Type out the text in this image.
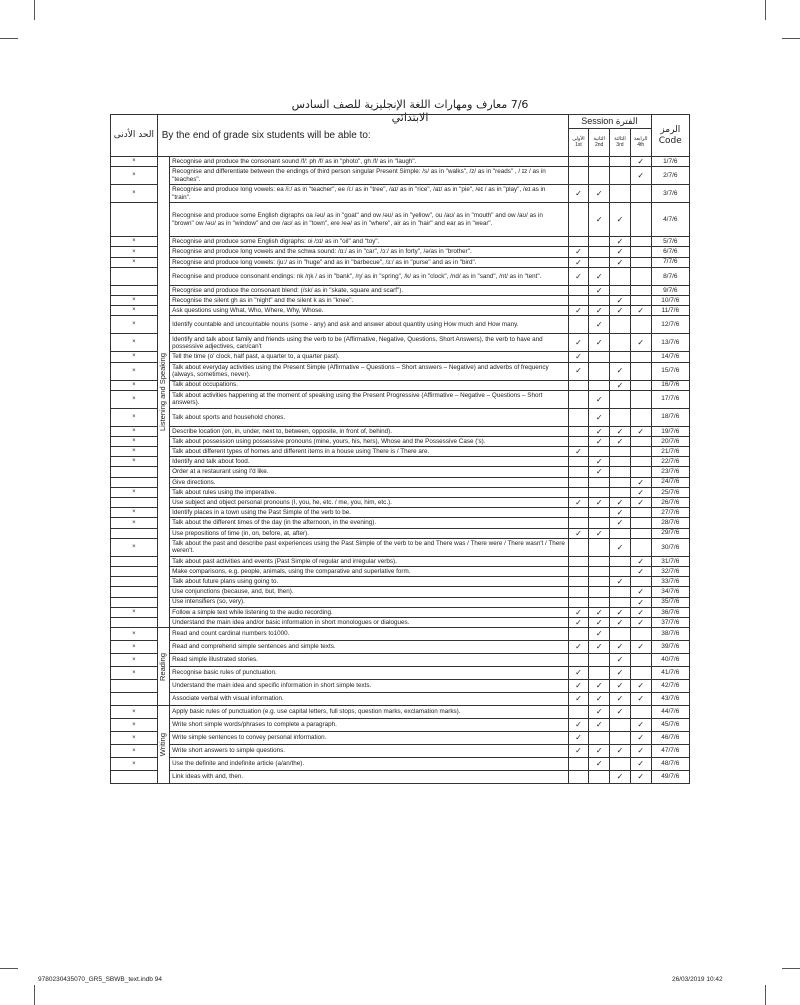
7/6 معارف ومهارات اللغة الإنجليزية للصف السادس الابتدائي
الحد الأدنى	By the end of grade six students will be able to:		Session الفترة				الرمز Code
			الأولى 1st	الثانية 2nd	الثالثة 3rd	الرابعة 4th	
×	Listening and Speaking	Recognise and produce the consonant sound /f/: ph /f/ as in "photo", gh /f/ as in "laugh".				✓	1/7/6
×		Recognise and differentiate between the endings of third person singular Present Simple: /s/ as in "walks", /z/ as in "reads" , / ɪz / as in "teaches".				✓	2/7/6
×		Recognise and produce long vowels: ea /i:/ as in "teacher", ee /i:/ as in "tree", /aɪ/ as in "rice", /aɪ/ as in "pie", /eɪ / as in "play", /eɪ as in "train".	✓	✓			3/7/6
		Recognise and produce some English digraphs oa /əʊ/ as in "goat" and ow /əʊ/ as in "yellow", ou /aʊ/ as in "mouth" and ow /aʊ/ as in "brown" ow /əʊ/ as in "window" and ow /aʊ/ as in "town", ere /eə/ as in "where", air as in "hair" and ear as in "wear".		✓	✓		4/7/6
×		Recognise and produce some English digraphs: oi /ɔɪ/ as in "oil" and "toy".			✓		5/7/6
×		Recognise and produce long vowels and the schwa sound: /ɑ:/ as in "car", /ɔ:/ as in forty", /ə/as in "brother".	✓		✓		6/7/6
×		Recognise and produce long vowels: /ju:/ as in "huge" and as in "barbecue", /ɜ:/ as in "purse" and as in "bird".	✓		✓		7/7/6
		Recognise and produce consonant endings: nk /ŋk / as in "bank", /ŋ/ as in "spring", /k/ as in "clock", /nd/ as in "sand", /nt/ as in "tent".	✓	✓			8/7/6
		Recognise and produce the consonant blend: (/sk/ as in "skate, square and scarf").		✓			9/7/6
×		Recognise the silent gh as in "night" and the silent k as in "knee".			✓		10/7/6
×		Ask questions using What, Who, Where, Why, Whose.	✓	✓	✓	✓	11/7/6
×		Identify countable and uncountable nouns (some - any) and ask and answer about quantity using How much and How many.		✓			12/7/6
×		Identify and talk about family and friends using the verb to be (Affirmative, Negative, Questions, Short Answers), the verb to have and possessive adjectives, can/can't	✓	✓		✓	13/7/6
×		Tell the time (o' clock, half past, a quarter to, a quarter past).	✓				14/7/6
×		Talk about everyday activities using the Present Simple (Affirmative – Questions – Short answers – Negative) and adverbs of frequency (always, sometimes, never).	✓		✓		15/7/6
×		Talk about occupations.			✓		16/7/6
×		Talk about activities happening at the moment of speaking using the Present Progressive (Affirmative – Negative – Questions – Short answers).		✓			17/7/6
×		Talk about sports and household chores.		✓			18/7/6
×		Describe location (on, in, under, next to, between, opposite, in front of, behind).		✓	✓	✓	19/7/6
×		Talk about possession using possessive pronouns (mine, yours, his, hers), Whose and the Possessive Case ('s).		✓	✓		20/7/6
×		Talk about different types of homes and different items in a house using There is / There are.	✓				21/7/6
×		Identify and talk about food.		✓			22/7/6
		Order at a restaurant using I'd like.		✓			23/7/6
		Give directions.				✓	24/7/6
×		Talk about rules using the imperative.				✓	25/7/6
		Use subject and object personal pronouns (I, you, he, etc. / me, you, him, etc.).	✓	✓	✓	✓	26/7/6
×		Identify places in a town using the Past Simple of the verb to be.			✓		27/7/6
×		Talk about the different times of the day (in the afternoon, in the evening).			✓		28/7/6
		Use prepositions of time (in, on, before, at, after).	✓	✓			29/7/6
×		Talk about the past and describe past experiences using the Past Simple of the verb to be and There was / There were / There wasn't / There weren't.			✓		30/7/6
		Talk about past activities and events (Past Simple of regular and irregular verbs).				✓	31/7/6
		Make comparisons, e.g. people, animals, using the comparative and superlative form.				✓	32/7/6
		Talk about future plans using going to.			✓		33/7/6
		Use conjunctions (because, and, but, then).				✓	34/7/6
		Use intensifiers (so, very).				✓	35/7/6
×		Follow a simple text while listening to the audio recording.	✓	✓	✓	✓	36/7/6
		Understand the main idea and/or basic information in short monologues or dialogues.	✓	✓	✓	✓	37/7/6
×	Reading	Read and count cardinal numbers to1000.		✓			38/7/6
×		Read and comprehend simple sentences and simple texts.	✓	✓	✓	✓	39/7/6
×		Read simple illustrated stories.			✓		40/7/6
×		Recognise basic rules of punctuation.	✓		✓		41/7/6
		Understand the main idea and specific information in short simple texts.	✓	✓	✓	✓	42/7/6
		Associate verbal with visual information.	✓	✓	✓	✓	43/7/6
×	Writing	Apply basic rules of punctuation (e.g. use capital letters, full stops, question marks, exclamation marks).		✓	✓		44/7/6
×		Write short simple words/phrases to complete a paragraph.	✓	✓		✓	45/7/6
×		Write simple sentences to convey personal information.	✓			✓	46/7/6
×		Write short answers to simple questions.	✓	✓	✓	✓	47/7/6
×		Use the definite and indefinite article (a/an/the).		✓		✓	48/7/6
		Link ideas with and, then.			✓	✓	49/7/6
9780230435070_GR5_SBWB_text.indb 94	26/03/2019 10:42
